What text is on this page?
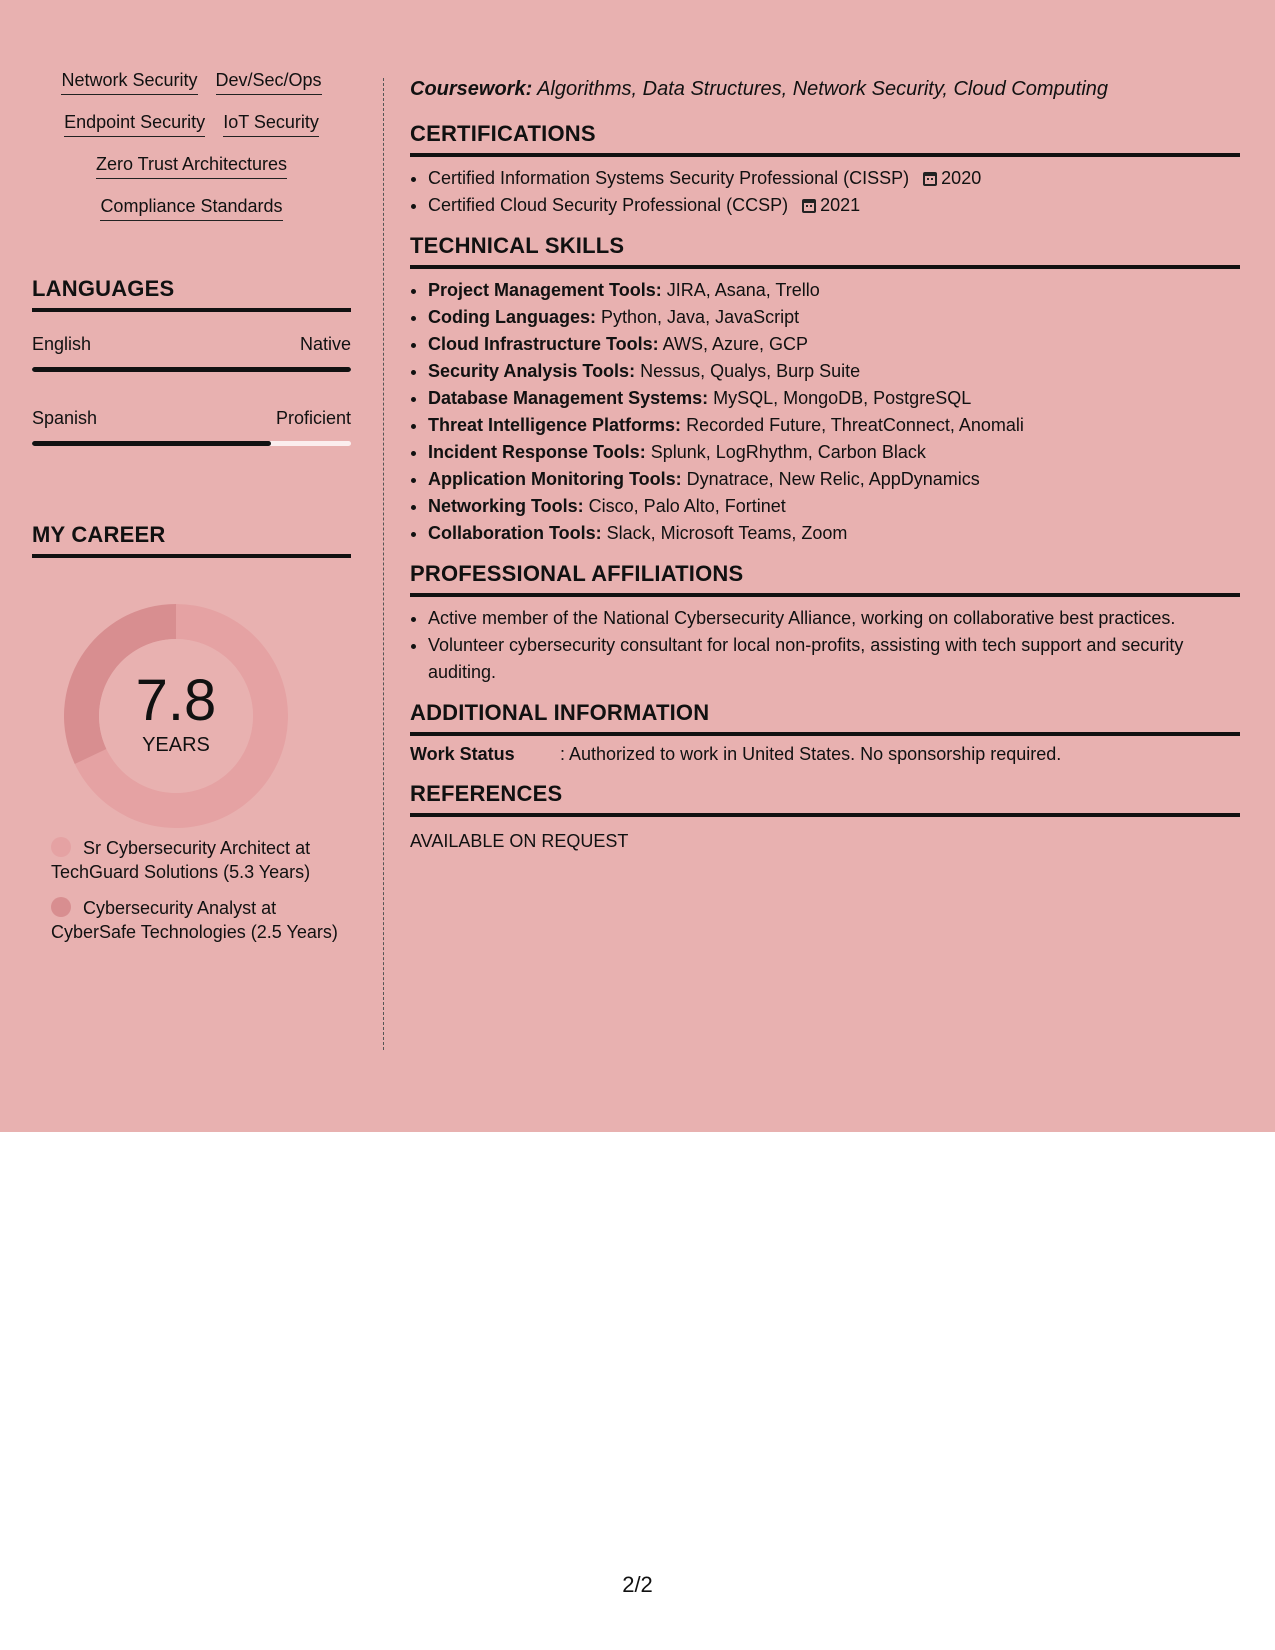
Network Security Dev/Sec/Ops
Endpoint Security IoT Security
Zero Trust Architectures
Compliance Standards
LANGUAGES
English	Native
Spanish	Proficient
MY CAREER
7.8
YEARS
Sr Cybersecurity Architect at TechGuard Solutions (5.3 Years)
Cybersecurity Analyst at CyberSafe Technologies (2.5 Years)
Coursework: Algorithms, Data Structures, Network Security, Cloud Computing
CERTIFICATIONS
• Certified Information Systems Security Professional (CISSP) 2020
• Certified Cloud Security Professional (CCSP) 2021
TECHNICAL SKILLS
• Project Management Tools: JIRA, Asana, Trello
• Coding Languages: Python, Java, JavaScript
• Cloud Infrastructure Tools: AWS, Azure, GCP
• Security Analysis Tools: Nessus, Qualys, Burp Suite
• Database Management Systems: MySQL, MongoDB, PostgreSQL
• Threat Intelligence Platforms: Recorded Future, ThreatConnect, Anomali
• Incident Response Tools: Splunk, LogRhythm, Carbon Black
• Application Monitoring Tools: Dynatrace, New Relic, AppDynamics
• Networking Tools: Cisco, Palo Alto, Fortinet
• Collaboration Tools: Slack, Microsoft Teams, Zoom
PROFESSIONAL AFFILIATIONS
• Active member of the National Cybersecurity Alliance, working on collaborative best practices.
• Volunteer cybersecurity consultant for local non-profits, assisting with tech support and security auditing.
ADDITIONAL INFORMATION
Work Status	: Authorized to work in United States. No sponsorship required.
REFERENCES
AVAILABLE ON REQUEST
2/2
